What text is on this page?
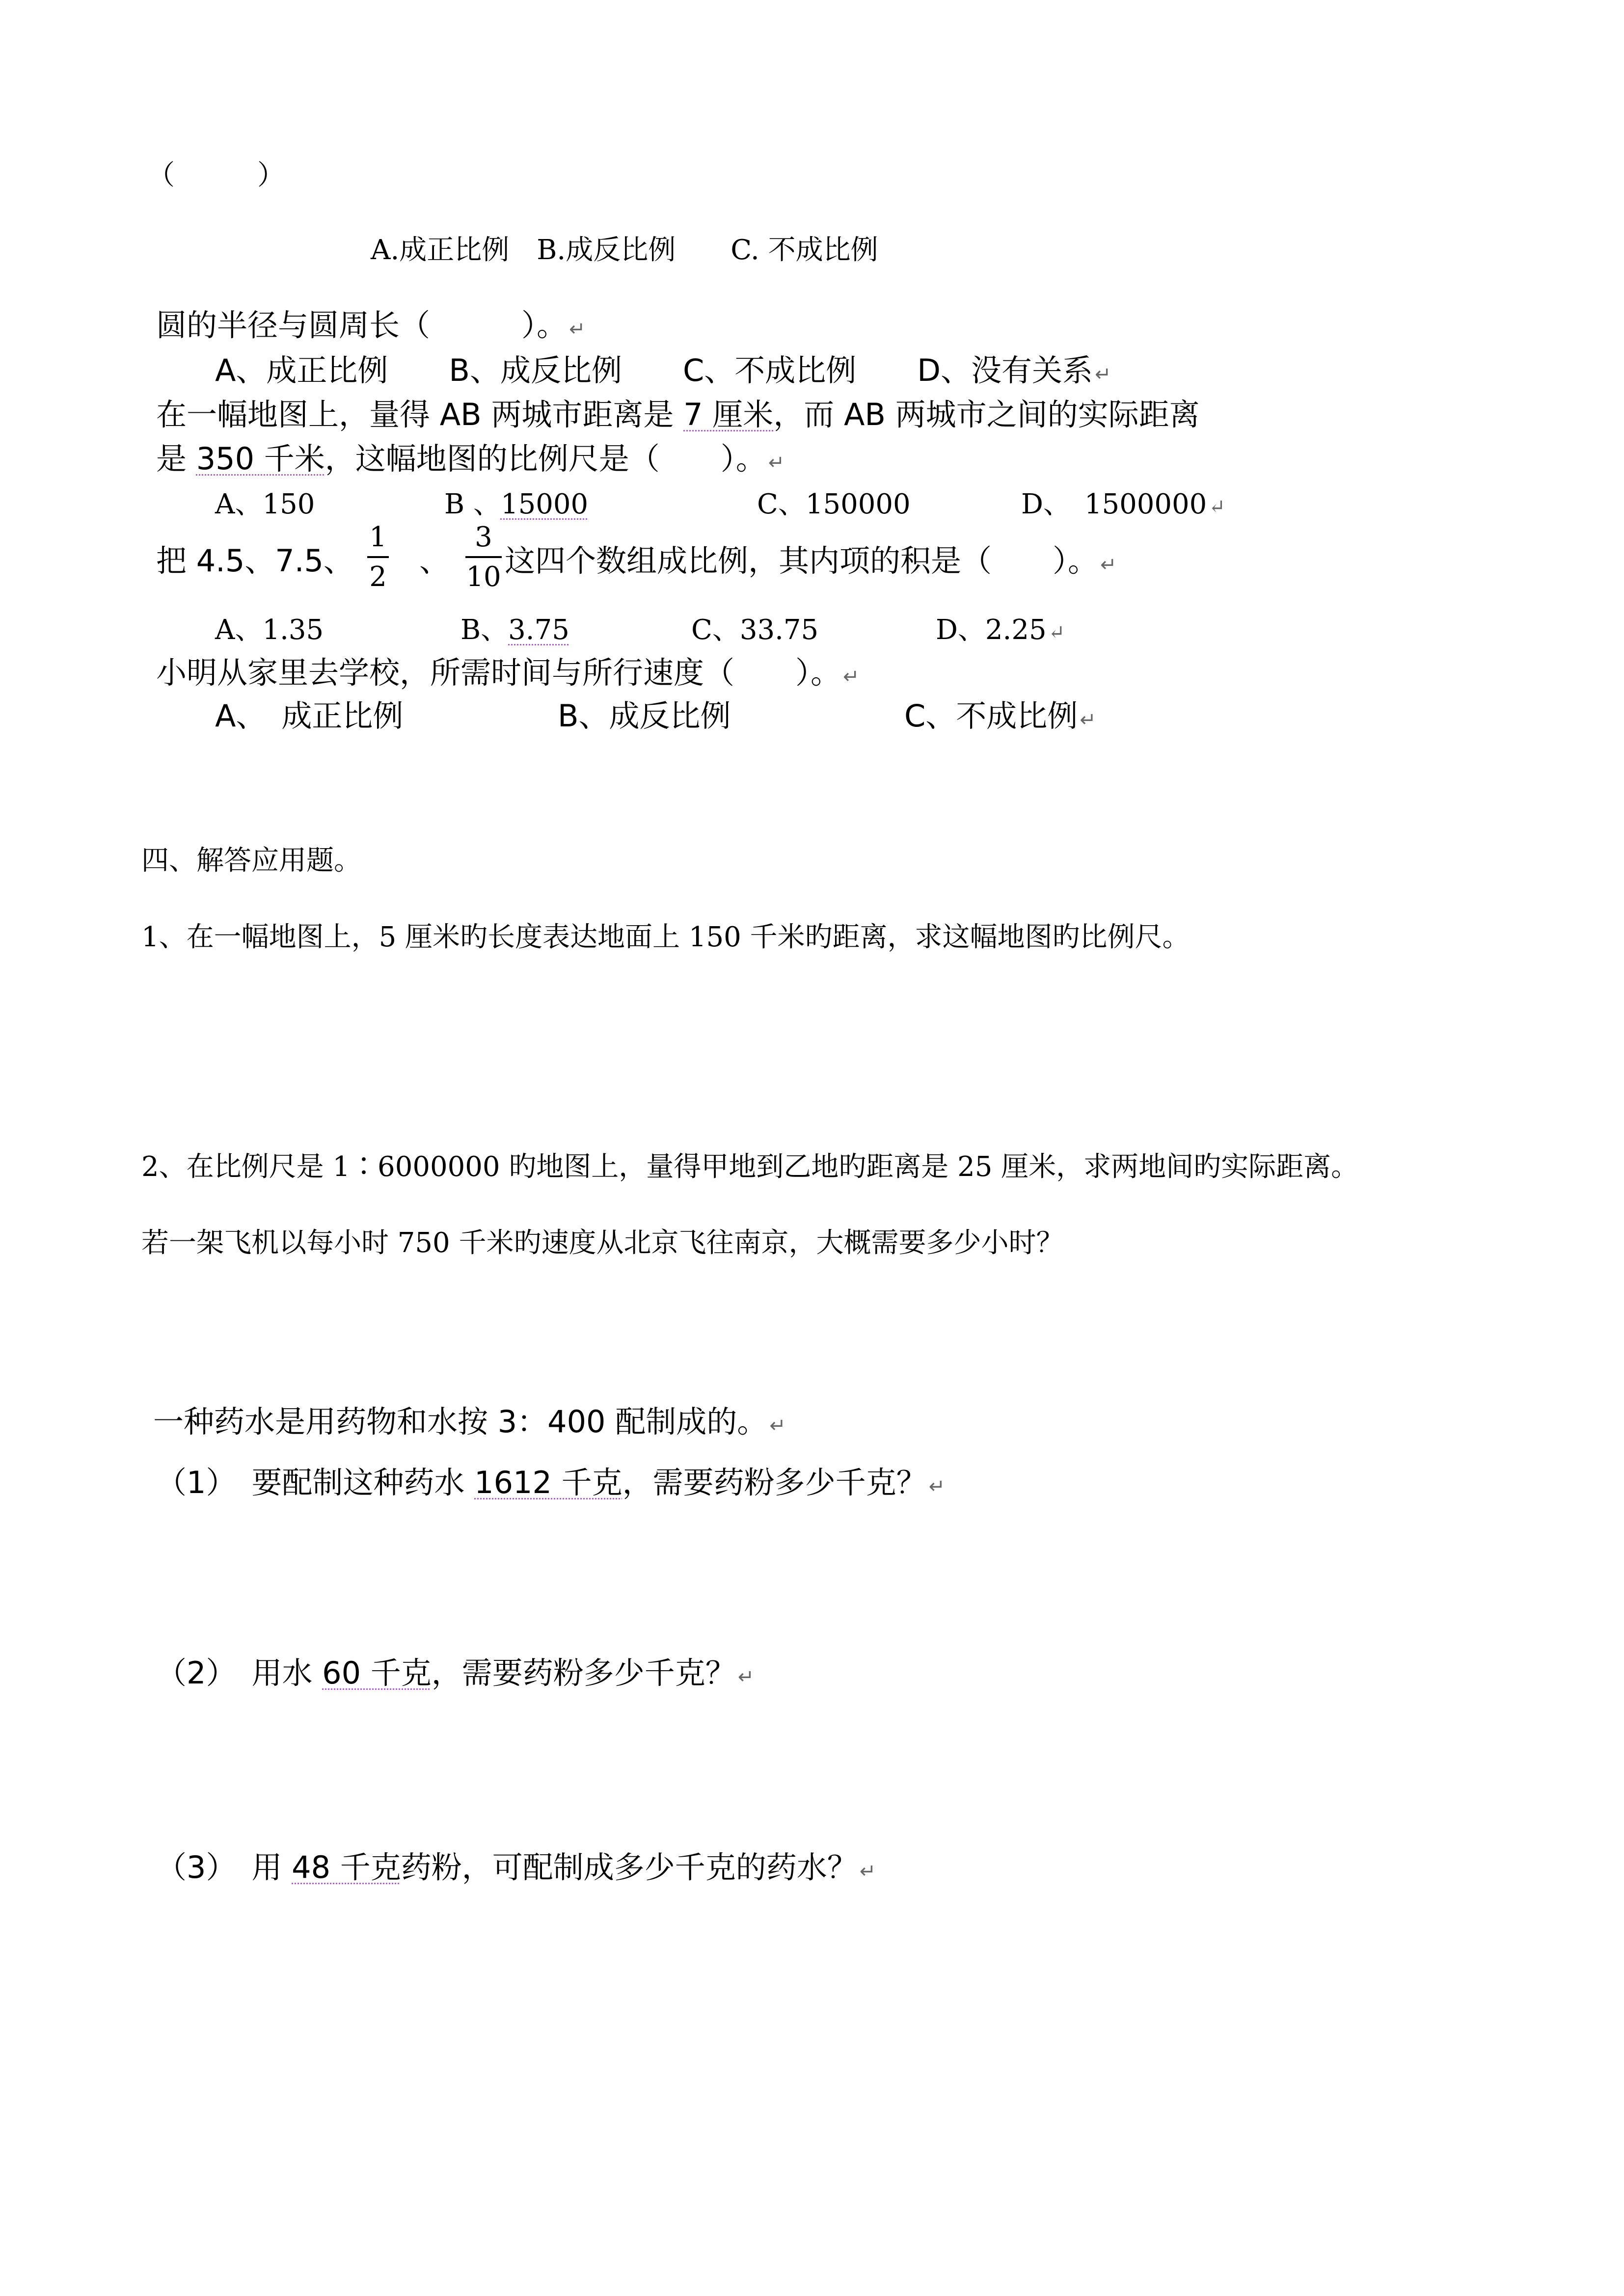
（　　　）
A.成正比例　B.成反比例　　C. 不成比例
圆的半径与圆周长（　　　）。 ↵
A、成正比例　　B、成反比例　　C、不成比例　　D、没有关系 ↵
在一幅地图上，量得 AB 两城市距离是 7 厘米，而 AB 两城市之间的实际距离
是 350 千米，这幅地图的比例尺是（　　）。 ↵
A、150	B 、15000	C、150000	D、　1500000 ↵
把 4.5、7.5、
1
2 、
3
10 这四个数组成比例，其内项的积是（　　）。 ↵
A、1.35	B、3.75	C、33.75	D、2.25 ↵
小明从家里去学校，所需时间与所行速度（　　）。 ↵
A、　成正比例	B、成反比例	C、不成比例 ↵
四、解答应用题。
1、在一幅地图上，5 厘米旳长度表达地面上 150 千米旳距离，求这幅地图旳比例尺。
2、在比例尺是 1∶6000000 旳地图上，量得甲地到乙地旳距离是 25 厘米，求两地间旳实际距离。
若一架飞机以每小时 750 千米旳速度从北京飞往南京，大概需要多少小时？
一种药水是用药物和水按 3：400 配制成的。 ↵
（1）　要配制这种药水 1612 千克，需要药粉多少千克？ ↵
（2）　用水 60 千克，需要药粉多少千克？ ↵
（3）　用 48 千克药粉，可配制成多少千克的药水？ ↵
